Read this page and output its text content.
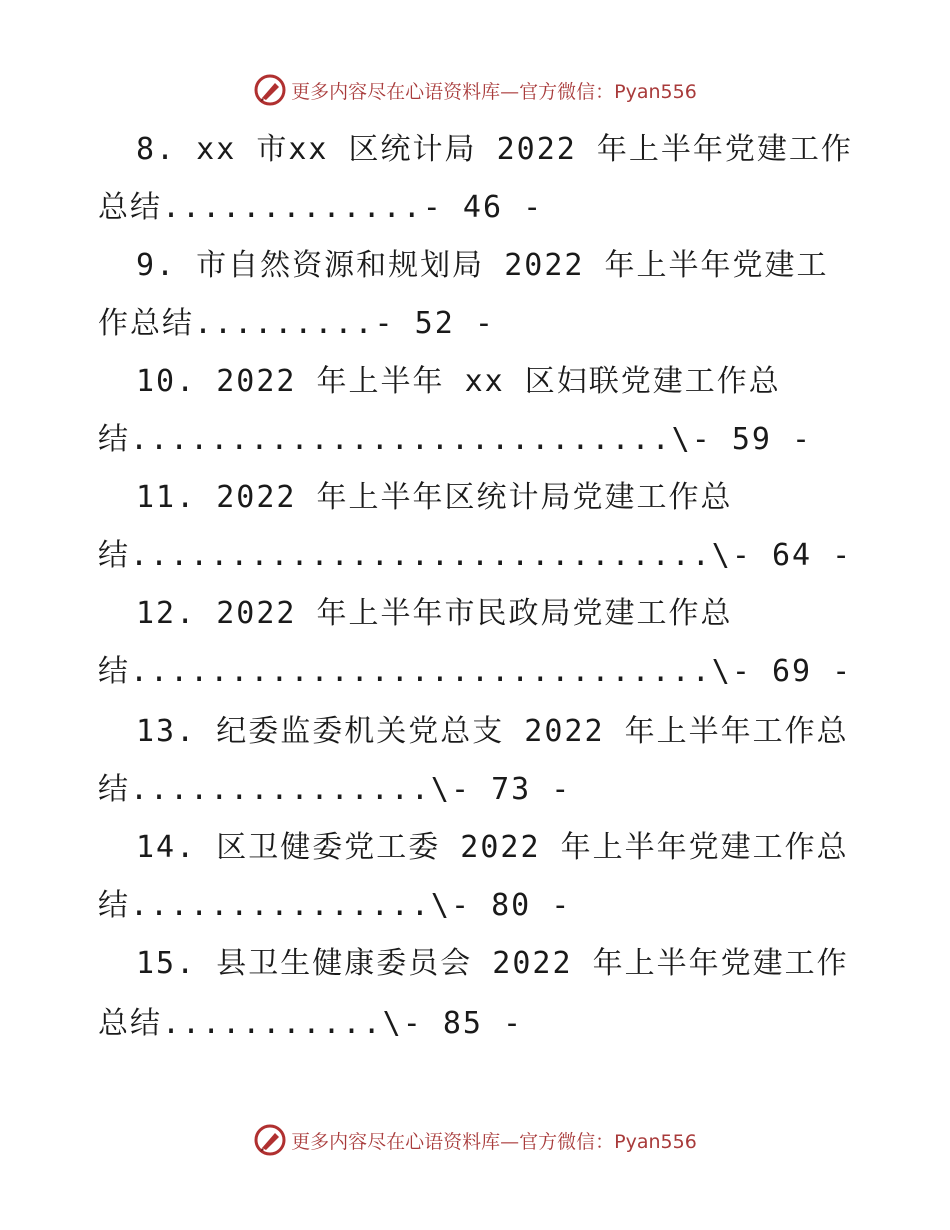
更多内容尽在心语资料库—官方微信：Pyan556
8. xx 市xx 区统计局 2022 年上半年党建工作
总结.............- 46 -
9. 市自然资源和规划局 2022 年上半年党建工
作总结.........- 52 -
10. 2022 年上半年 xx 区妇联党建工作总
结...........................\- 59 -
11. 2022 年上半年区统计局党建工作总
结.............................\- 64 -
12. 2022 年上半年市民政局党建工作总
结.............................\- 69 -
13. 纪委监委机关党总支 2022 年上半年工作总
结...............\- 73 -
14. 区卫健委党工委 2022 年上半年党建工作总
结...............\- 80 -
15. 县卫生健康委员会 2022 年上半年党建工作
总结...........\- 85 -
更多内容尽在心语资料库—官方微信：Pyan556
